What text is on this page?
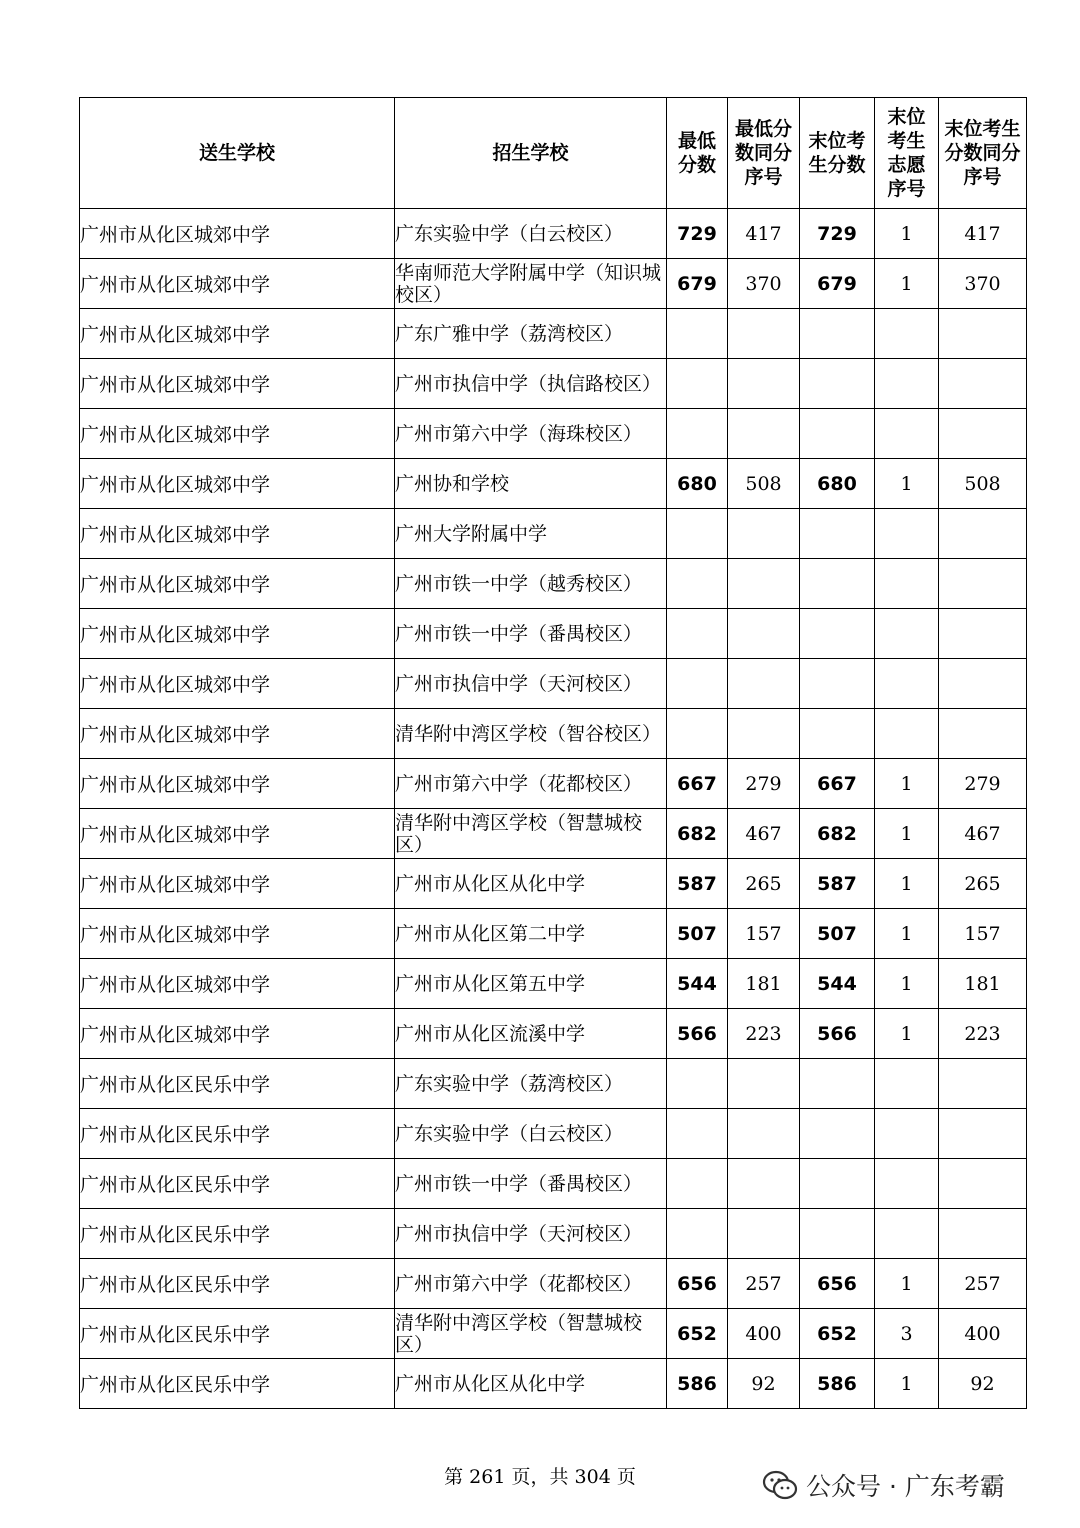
送生学校	招生学校	最低分数	最低分数同分序号	末位考生分数	末位考生志愿序号	末位考生分数同分序号

广州市从化区城郊中学	广东实验中学（白云校区）	729	417	729	1	417
广州市从化区城郊中学	华南师范大学附属中学（知识城校区）	679	370	679	1	370
广州市从化区城郊中学	广东广雅中学（荔湾校区）					
广州市从化区城郊中学	广州市执信中学（执信路校区）					
广州市从化区城郊中学	广州市第六中学（海珠校区）					
广州市从化区城郊中学	广州协和学校	680	508	680	1	508
广州市从化区城郊中学	广州大学附属中学					
广州市从化区城郊中学	广州市铁一中学（越秀校区）					
广州市从化区城郊中学	广州市铁一中学（番禺校区）					
广州市从化区城郊中学	广州市执信中学（天河校区）					
广州市从化区城郊中学	清华附中湾区学校（智谷校区）					
广州市从化区城郊中学	广州市第六中学（花都校区）	667	279	667	1	279
广州市从化区城郊中学	清华附中湾区学校（智慧城校区）	682	467	682	1	467
广州市从化区城郊中学	广州市从化区从化中学	587	265	587	1	265
广州市从化区城郊中学	广州市从化区第二中学	507	157	507	1	157
广州市从化区城郊中学	广州市从化区第五中学	544	181	544	1	181
广州市从化区城郊中学	广州市从化区流溪中学	566	223	566	1	223
广州市从化区民乐中学	广东实验中学（荔湾校区）					
广州市从化区民乐中学	广东实验中学（白云校区）					
广州市从化区民乐中学	广州市铁一中学（番禺校区）					
广州市从化区民乐中学	广州市执信中学（天河校区）					
广州市从化区民乐中学	广州市第六中学（花都校区）	656	257	656	1	257
广州市从化区民乐中学	清华附中湾区学校（智慧城校区）	652	400	652	3	400
广州市从化区民乐中学	广州市从化区从化中学	586	92	586	1	92
第 261 页，共 304 页	公众号 · 广东考霸
